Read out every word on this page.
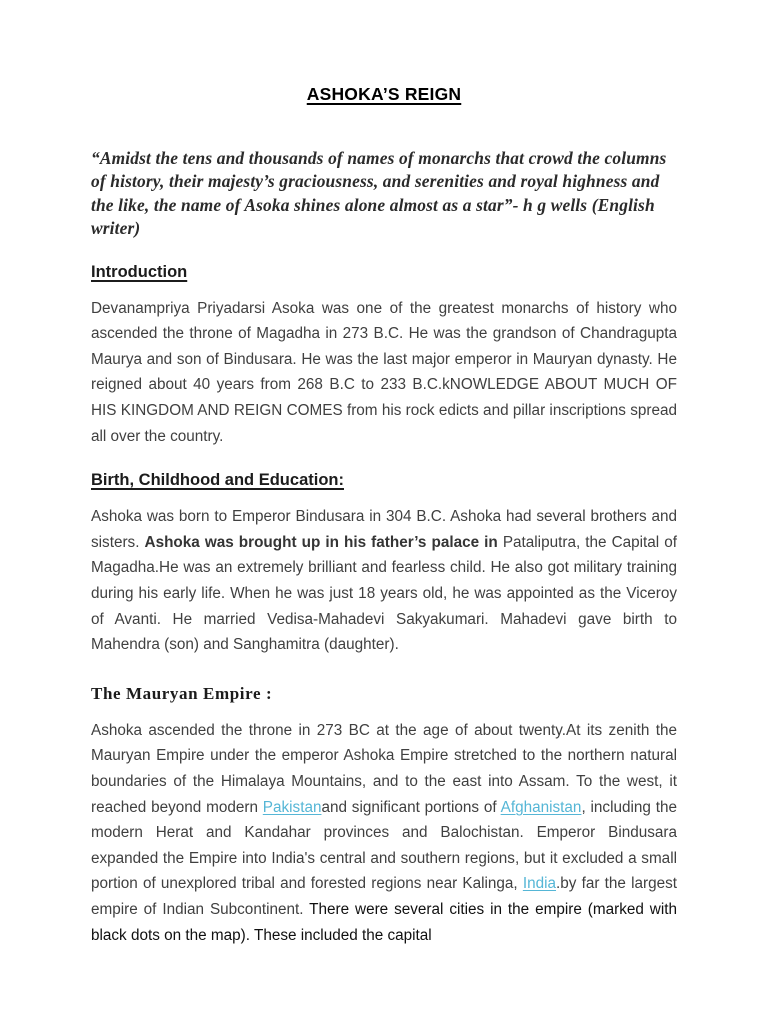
ASHOKA’S REIGN

“Amidst the tens and thousands of names of monarchs that crowd the columns of history, their majesty’s graciousness, and serenities and royal highness and the like, the name of Asoka shines alone almost as a star”- h g wells (English writer)

Introduction

Devanampriya Priyadarsi Asoka was one of the greatest monarchs of history who ascended the throne of Magadha in 273 B.C. He was the grandson of Chandragupta Maurya and son of Bindusara. He was the last major emperor in Mauryan dynasty. He reigned about 40 years from 268 B.C to 233 B.C.kNOWLEDGE ABOUT MUCH OF HIS KINGDOM AND REIGN COMES from his rock edicts and pillar inscriptions spread all over the country.

Birth, Childhood and Education:

Ashoka was born to Emperor Bindusara in 304 B.C. Ashoka had several brothers and sisters. Ashoka was brought up in his father’s palace in Pataliputra, the Capital of Magadha.He was an extremely brilliant and fearless child. He also got military training during his early life. When he was just 18 years old, he was appointed as the Viceroy of Avanti. He married Vedisa-Mahadevi Sakyakumari. Mahadevi gave birth to Mahendra (son) and Sanghamitra (daughter).

The Mauryan Empire :

Ashoka ascended the throne in 273 BC at the age of about twenty.At its zenith the Mauryan Empire under the emperor Ashoka Empire stretched to the northern natural boundaries of the Himalaya Mountains, and to the east into Assam. To the west, it reached beyond modern Pakistanand significant portions of Afghanistan, including the modern Herat and Kandahar provinces and Balochistan. Emperor Bindusara expanded the Empire into India's central and southern regions, but it excluded a small portion of unexplored tribal and forested regions near Kalinga, India.by far the largest empire of Indian Subcontinent. There were several cities in the empire (marked with black dots on the map). These included the capital
